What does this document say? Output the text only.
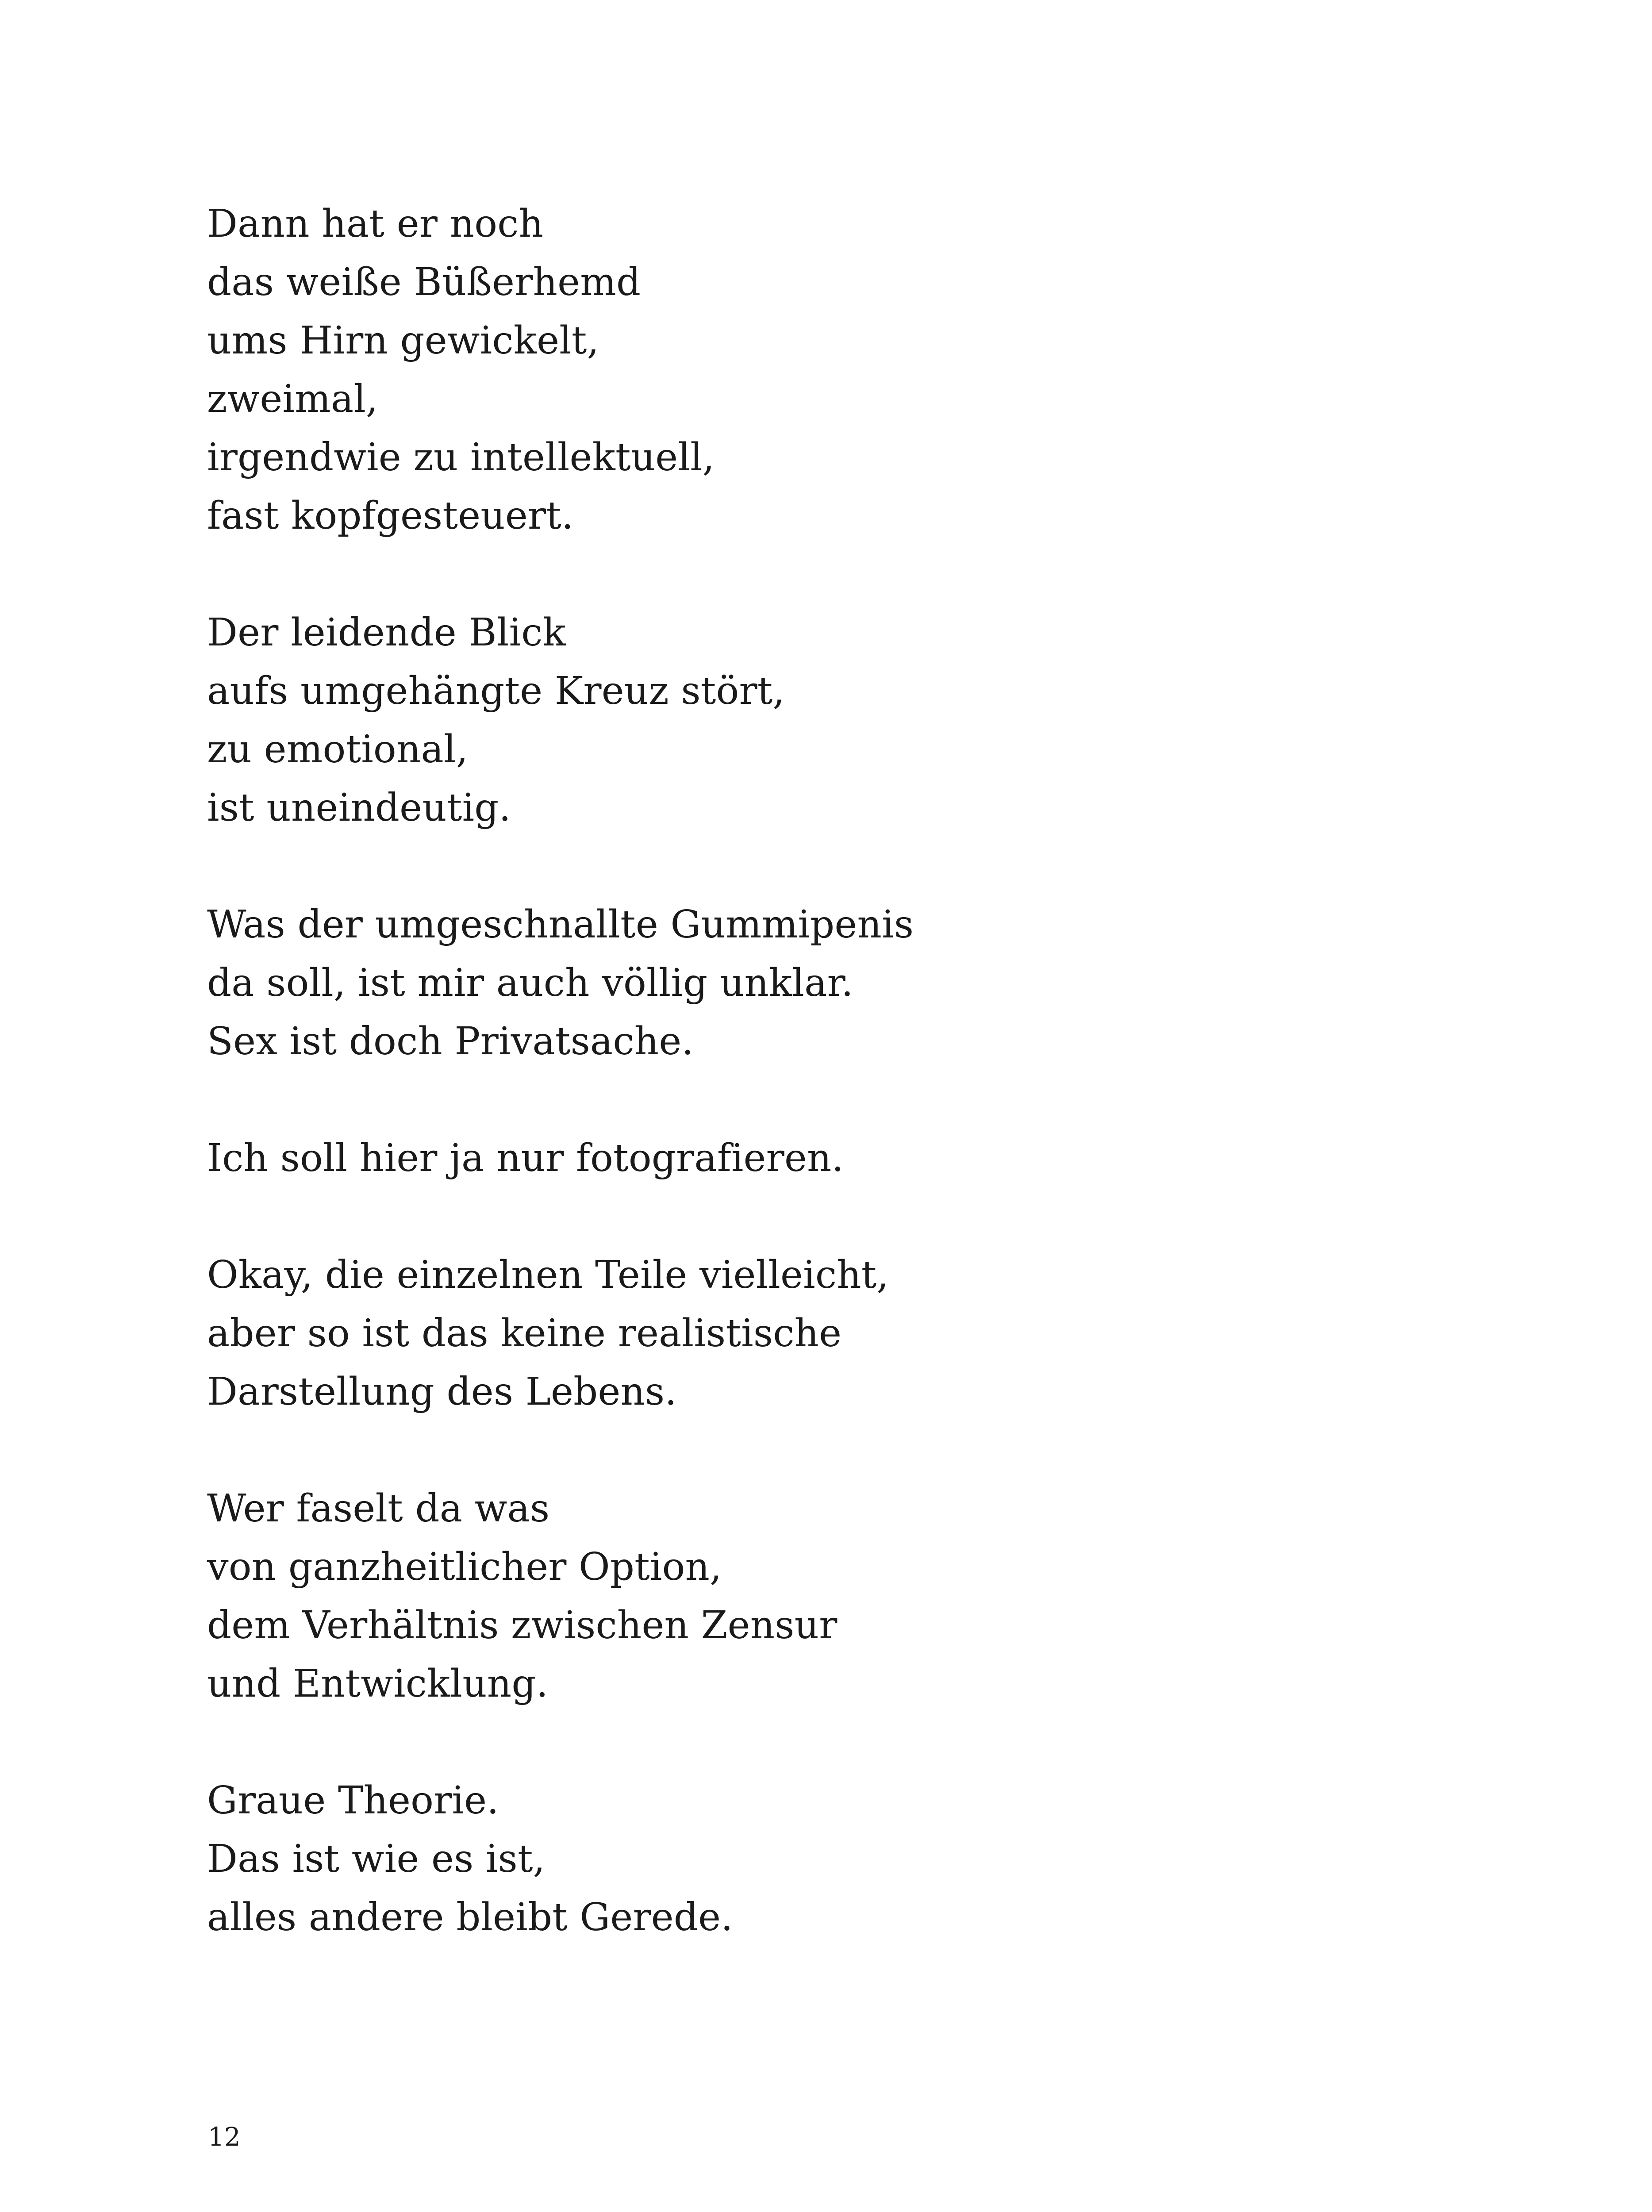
Dann hat er noch
das weiße Büßerhemd
ums Hirn gewickelt,
zweimal,
irgendwie zu intellektuell,
fast kopfgesteuert.
Der leidende Blick
aufs umgehängte Kreuz stört,
zu emotional,
ist uneindeutig.
Was der umgeschnallte Gummipenis
da soll, ist mir auch völlig unklar.
Sex ist doch Privatsache.
Ich soll hier ja nur fotografieren.
Okay, die einzelnen Teile vielleicht,
aber so ist das keine realistische
Darstellung des Lebens.
Wer faselt da was
von ganzheitlicher Option,
dem Verhältnis zwischen Zensur
und Entwicklung.
Graue Theorie.
Das ist wie es ist,
alles andere bleibt Gerede.
12
